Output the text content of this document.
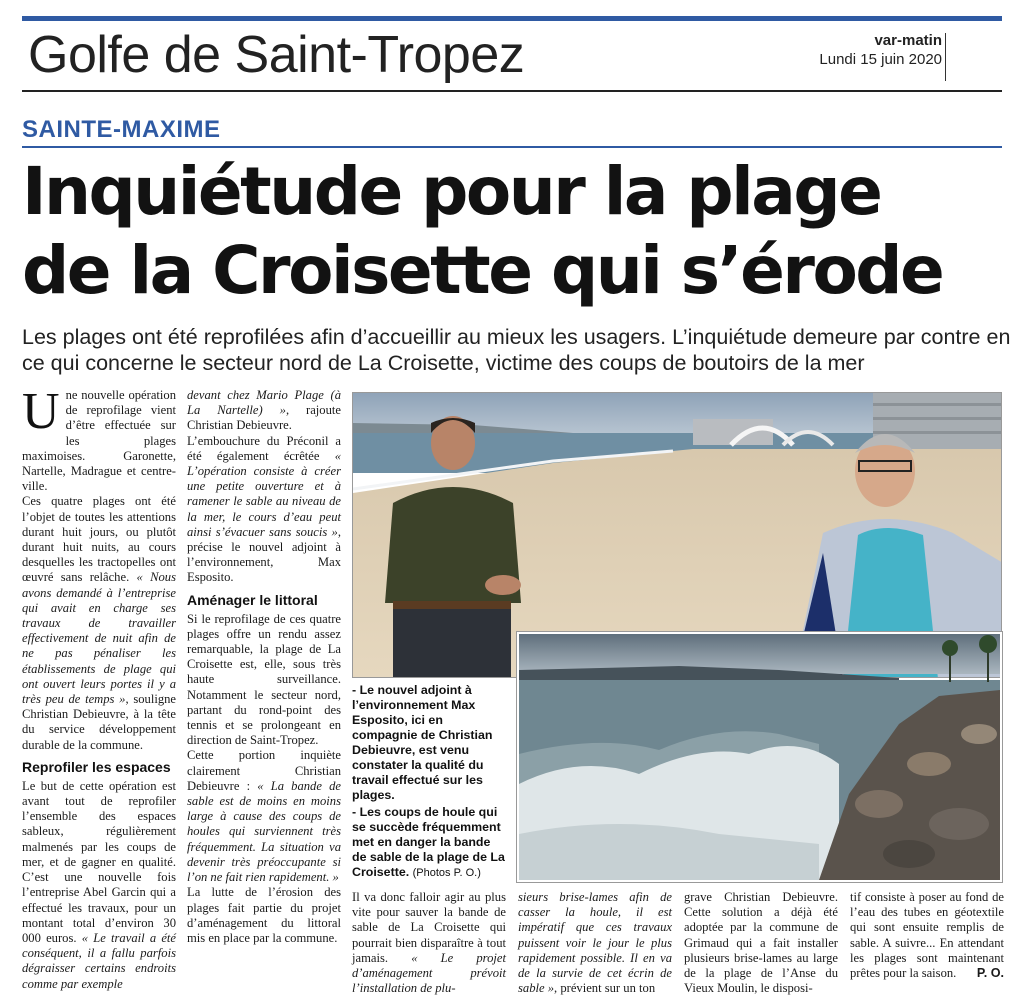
Golfe de Saint-Tropez	var-matin
Lundi 15 juin 2020
SAINTE-MAXIME
Inquiétude pour la plage
de la Croisette qui s’érode
Les plages ont été reprofilées afin d’accueillir au mieux les usagers. L’inquiétude demeure par contre en ce qui concerne le secteur nord de La Croisette, victime des coups de boutoirs de la mer

Une nouvelle opération de reprofilage vient d’être effectuée sur les plages maximoises. Garonette, Nartelle, Madrague et centre-ville.

Ces quatre plages ont été l’objet de toutes les attentions durant huit jours, ou plutôt durant huit nuits, au cours desquelles les tractopelles ont œuvré sans relâche. « Nous avons demandé à l’entreprise qui avait en charge ses travaux de travailler effectivement de nuit afin de ne pas pénaliser les établissements de plage qui ont ouvert leurs portes il y a très peu de temps », souligne Christian Debieuvre, à la tête du service développement durable de la commune.

Reprofiler les espaces

Le but de cette opération est avant tout de reprofiler l’ensemble des espaces sableux, régulièrement malmenés par les coups de mer, et de gagner en qualité. C’est une nouvelle fois l’entreprise Abel Garcin qui a effectué les travaux, pour un montant total d’environ 30 000 euros. « Le travail a été conséquent, il a fallu parfois dégraisser certains endroits comme par exemple

devant chez Mario Plage (à La Nartelle) », rajoute Christian Debieuvre.

L’embouchure du Préconil a été également écrêtée « L’opération consiste à créer une petite ouverture et à ramener le sable au niveau de la mer, le cours d’eau peut ainsi s’évacuer sans soucis », précise le nouvel adjoint à l’environnement, Max Esposito.

Aménager le littoral

Si le reprofilage de ces quatre plages offre un rendu assez remarquable, la plage de La Croisette est, elle, sous très haute surveillance. Notamment le secteur nord, partant du rond-point des tennis et se prolongeant en direction de Saint-Tropez.

Cette portion inquiète clairement Christian Debieuvre : « La bande de sable est de moins en moins large à cause des coups de houles qui surviennent très fréquemment. La situation va devenir très préoccupante si l’on ne fait rien rapidement. »

La lutte de l’érosion des plages fait partie du projet d’aménagement du littoral mis en place par la commune.

- Le nouvel adjoint à l’environnement Max Esposito, ici en compagnie de Christian Debieuvre, est venu constater la qualité du travail effectué sur les plages.

- Les coups de houle qui se succède fréquemment met en danger la bande de sable de la plage de La Croisette. (Photos P. O.)

Il va donc falloir agir au plus vite pour sauver la bande de sable de La Croisette qui pourrait bien disparaître à tout jamais. « Le projet d’aménagement prévoit l’installation de plu-

sieurs brise-lames afin de casser la houle, il est impératif que ces travaux puissent voir le jour le plus rapidement possible. Il en va de la survie de cet écrin de sable », prévient sur un ton

grave Christian Debieuvre. Cette solution a déjà été adoptée par la commune de Grimaud qui a fait installer plusieurs brise-lames au large de la plage de l’Anse du Vieux Moulin, le disposi-

tif consiste à poser au fond de l’eau des tubes en géotextile qui sont ensuite remplis de sable. A suivre... En attendant les plages sont maintenant prêtes pour la saison. P. O.
